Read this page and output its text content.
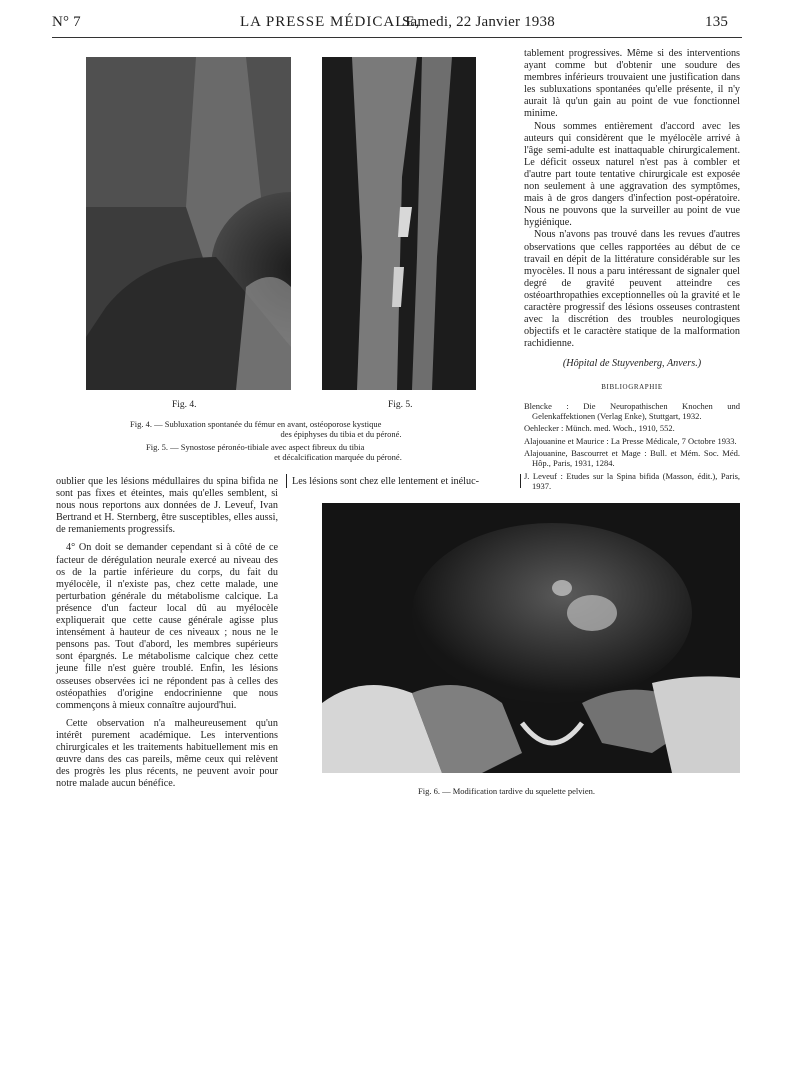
N° 7	LA PRESSE MÉDICALE,
Samedi, 22 Janvier 1938	135
Fig. 4.	Fig. 5.
Fig. 4. — Subluxation spontanée du fémur en avant, ostéoporose kystique
des épiphyses du tibia et du péroné.
Fig. 5. — Synostose péronéo-tibiale avec aspect fibreux du tibia
et décalcification marquée du péroné.

tablement progressives. Même si des interventions ayant comme but d'obtenir une soudure des membres inférieurs trouvaient une justification dans les subluxations spontanées qu'elle présente, il n'y aurait là qu'un gain au point de vue fonctionnel minime.

Nous sommes entièrement d'accord avec les auteurs qui considèrent que le myélocèle arrivé à l'âge semi-adulte est inattaquable chirurgicalement. Le déficit osseux naturel n'est pas à combler et d'autre part toute tentative chirurgicale est exposée non seulement à une aggravation des symptômes, mais à de gros dangers d'infection post-opératoire. Nous ne pouvons que la surveiller au point de vue hygiénique.

Nous n'avons pas trouvé dans les revues d'autres observations que celles rapportées au début de ce travail en dépit de la littérature considérable sur les myocèles. Il nous a paru intéressant de signaler quel degré de gravité peuvent atteindre ces ostéoarthropathies exceptionnelles où la gravité et le caractère progressif des lésions osseuses contrastent avec la discrétion des troubles neurologiques objectifs et le caractère statique de la malformation rachidienne.

(Hôpital de Stuyvenberg, Anvers.)

BIBLIOGRAPHIE

Blencke : Die Neuropathischen Knochen und Gelenkaffektionen (Verlag Enke), Stuttgart, 1932.

Oehlecker : Münch. med. Woch., 1910, 552.

Alajouanine et Maurice : La Presse Médicale, 7 Octobre 1933.

Alajouanine, Bascourret et Mage : Bull. et Mém. Soc. Méd. Hôp., Paris, 1931, 1284.

J. Leveuf : Etudes sur la Spina bifida (Masson, édit.), Paris, 1937.

oublier que les lésions médullaires du spina bifida ne sont pas fixes et éteintes, mais qu'elles semblent, si nous nous reportons aux données de J. Leveuf, Ivan Bertrand et H. Sternberg, être susceptibles, elles aussi, de remaniements progressifs.

4° On doit se demander cependant si à côté de ce facteur de dérégulation neurale exercé au niveau des os de la partie inférieure du corps, du fait du myélocèle, il n'existe pas, chez cette malade, une perturbation générale du métabolisme calcique. La présence d'un facteur local dû au myélocèle expliquerait que cette cause générale agisse plus intensément à hauteur de ces niveaux ; nous ne le pensons pas. Tout d'abord, les membres supérieurs sont épargnés. Le métabolisme calcique chez cette jeune fille n'est guère troublé. Enfin, les lésions osseuses observées ici ne répondent pas à celles des ostéopathies d'origine endocrinienne que nous commençons à mieux connaître aujourd'hui.

Cette observation n'a malheureusement qu'un intérêt purement académique. Les interventions chirurgicales et les traitements habituellement mis en œuvre dans des cas pareils, même ceux qui relèvent des progrès les plus récents, ne peuvent avoir pour notre malade aucun bénéfice.

Les lésions sont chez elle lentement et inéluc-
Fig. 6. — Modification tardive du squelette pelvien.
